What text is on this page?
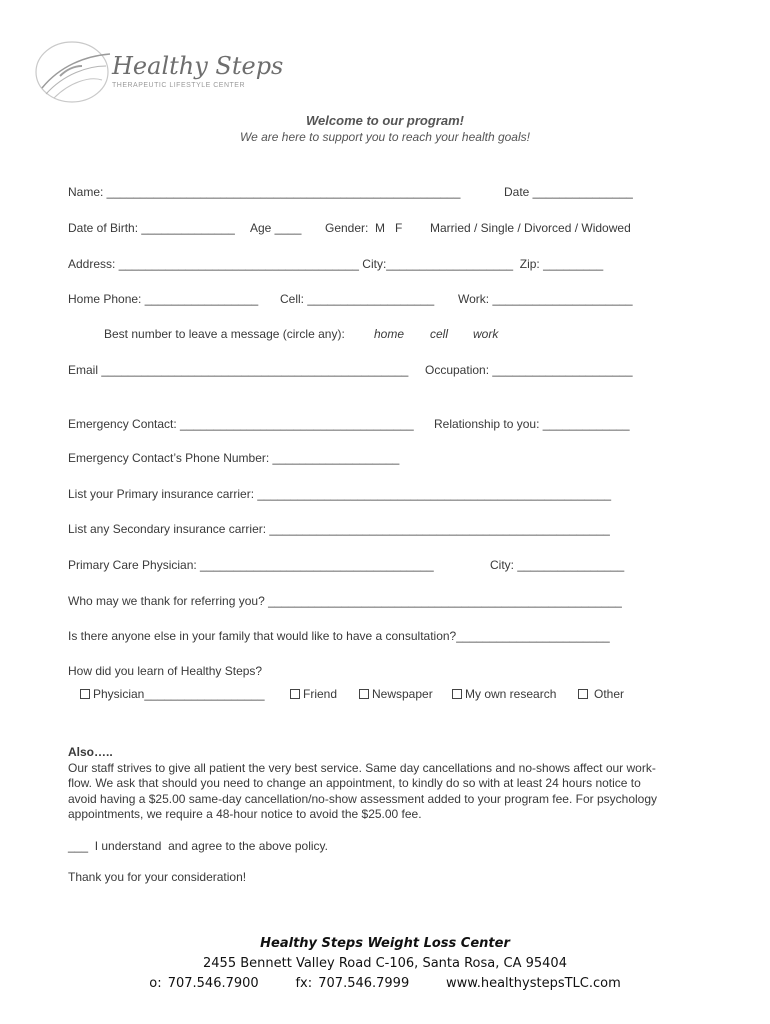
Healthy Steps
THERAPEUTIC LIFESTYLE CENTER
Welcome to our program!
We are here to support you to reach your health goals!
Name: _____________________________________________________	Date _______________
Date of Birth: ______________ Age ____ Gender:  M   F Married / Single / Divorced / Widowed
Address: ____________________________________ City:___________________  Zip: _________
Home Phone: _________________ Cell: ___________________ Work: _____________________
Best number to leave a message (circle any): home cell work
Email ______________________________________________ Occupation: _____________________
Emergency Contact: ___________________________________ Relationship to you: _____________
Emergency Contact’s Phone Number: ___________________
List your Primary insurance carrier: _____________________________________________________
List any Secondary insurance carrier: ___________________________________________________
Primary Care Physician: ___________________________________	City: ________________
Who may we thank for referring you? _____________________________________________________
Is there anyone else in your family that would like to have a consultation?_______________________
How did you learn of Healthy Steps?
Physician__________________	Friend	Newspaper	My own research	Other
Also…..
Our staff strives to give all patient the very best service. Same day cancellations and no-shows affect our work-flow. We ask that should you need to change an appointment, to kindly do so with at least 24 hours notice to avoid having a $25.00 same-day cancellation/no-show assessment added to your program fee. For psychology appointments, we require a 48-hour notice to avoid the $25.00 fee.
___  I understand  and agree to the above policy.
Thank you for your consideration!
Healthy Steps Weight Loss Center
2455 Bennett Valley Road C-106, Santa Rosa, CA 95404
o: 707.546.7900      fx: 707.546.7999      www.healthystepsTLC.com
